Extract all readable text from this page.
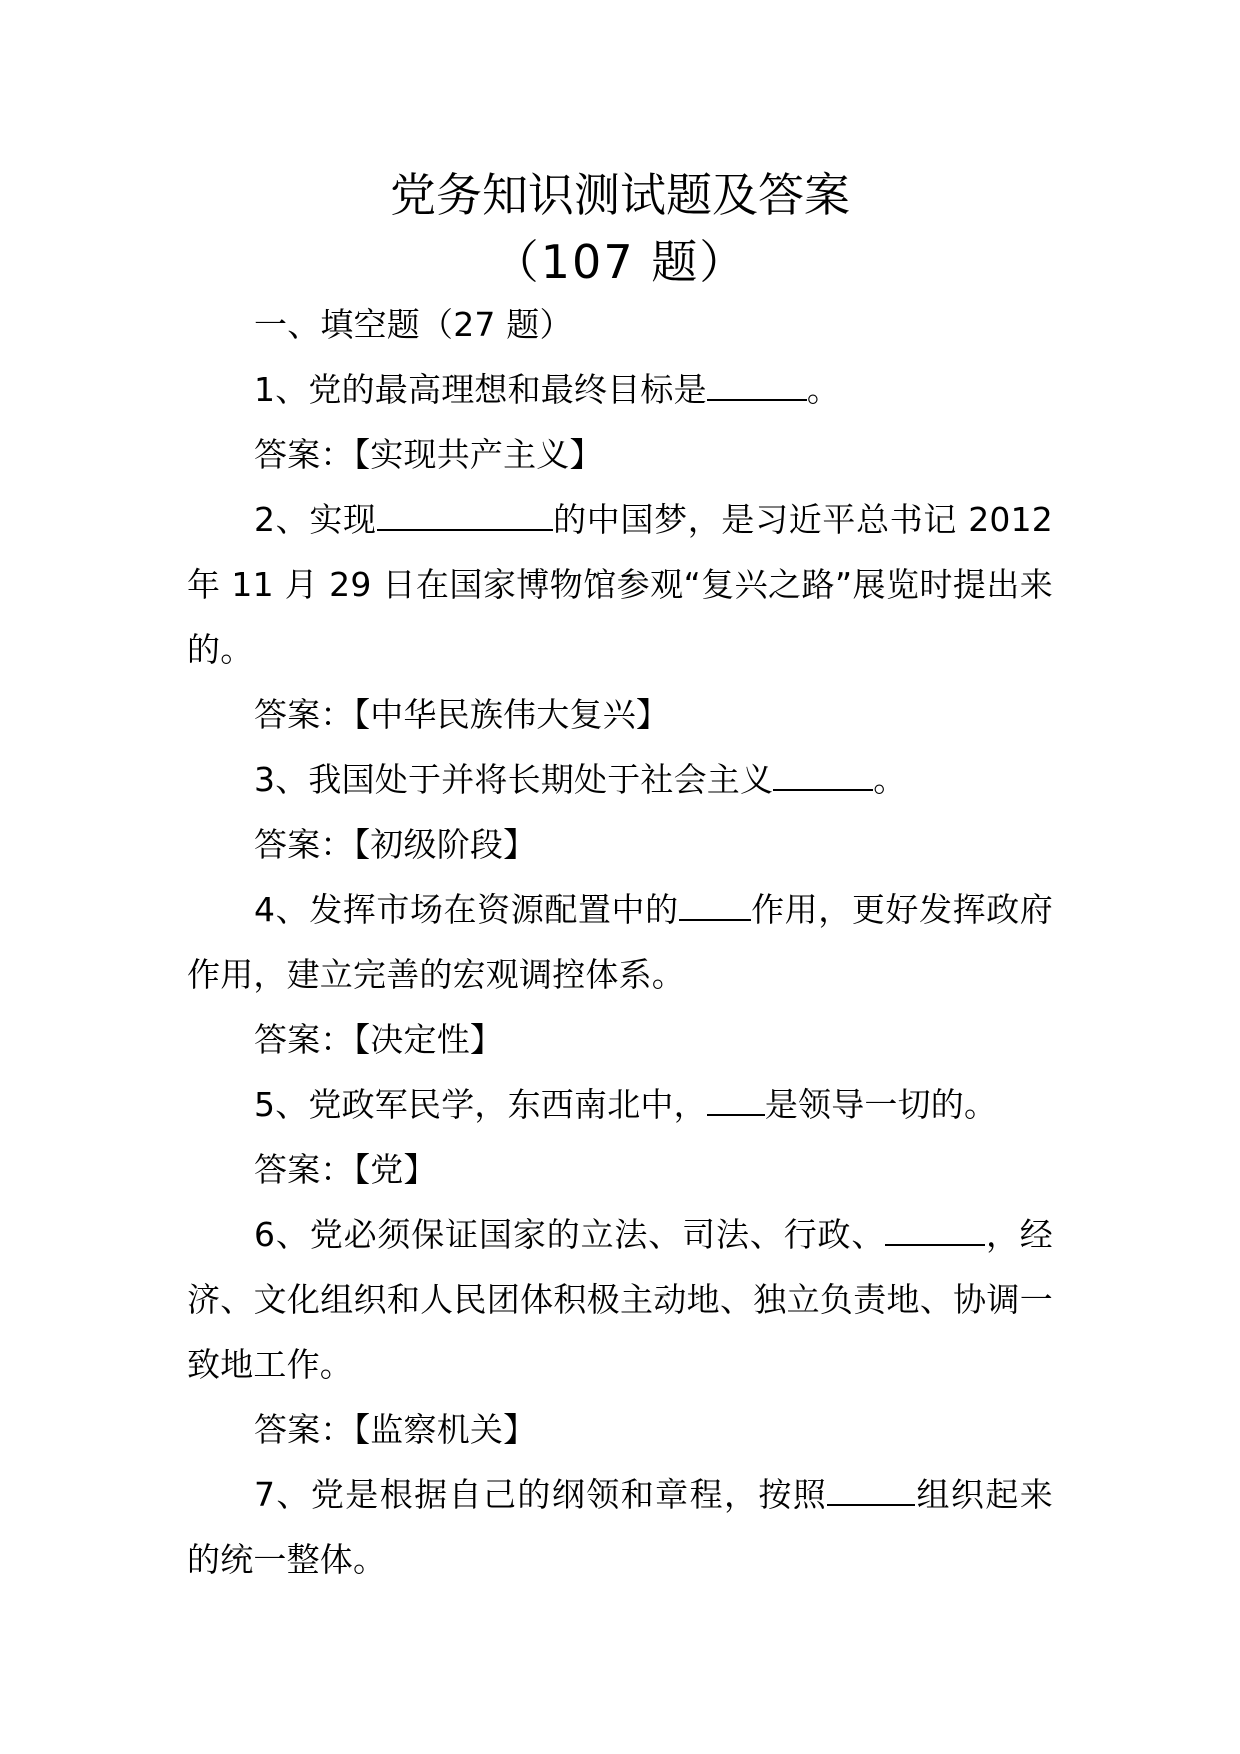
党务知识测试题及答案
（107 题）

一、填空题（27 题）

1、党的最高理想和最终目标是	。

答案：【实现共产主义】

2、实现	的中国梦，是习近平总书记 2012 年 11 月 29 日在国家博物馆参观“复兴之路”展览时提出来的。

答案：【中华民族伟大复兴】

3、我国处于并将长期处于社会主义	。

答案：【初级阶段】

4、发挥市场在资源配置中的 作用，更好发挥政府作用，建立完善的宏观调控体系。

答案：【决定性】

5、党政军民学，东西南北中， 是领导一切的。

答案：【党】

6、党必须保证国家的立法、司法、行政、	，经济、文化组织和人民团体积极主动地、独立负责地、协调一致地工作。

答案：【监察机关】

7、党是根据自己的纲领和章程，按照	组织起来的统一整体。
